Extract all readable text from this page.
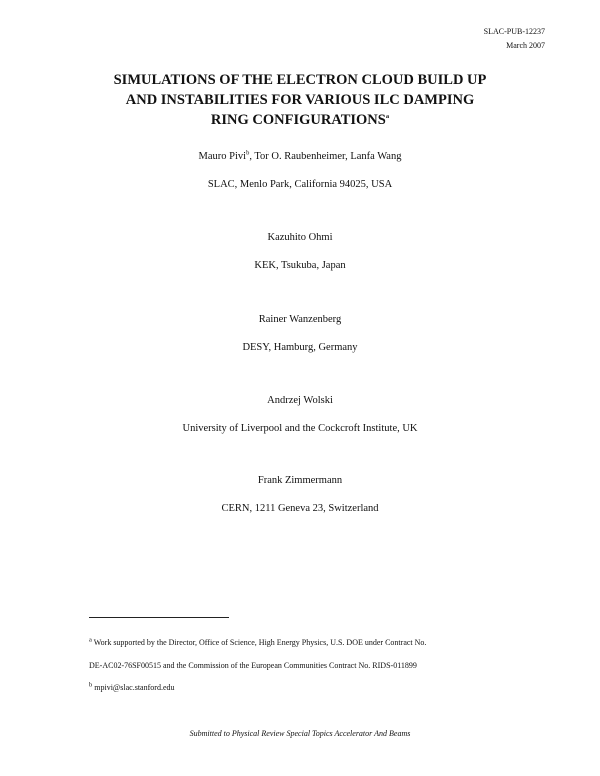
SLAC-PUB-12237
March 2007
SIMULATIONS OF THE ELECTRON CLOUD BUILD UP
AND INSTABILITIES FOR VARIOUS ILC DAMPING
RING CONFIGURATIONS$^a$
Mauro Pivi$^b$, Tor O. Raubenheimer, Lanfa Wang
SLAC, Menlo Park, California 94025, USA
Kazuhito Ohmi
KEK, Tsukuba, Japan
Rainer Wanzenberg
DESY, Hamburg, Germany
Andrzej Wolski
University of Liverpool and the Cockcroft Institute, UK
Frank Zimmermann
CERN, 1211 Geneva 23, Switzerland
$^a$ Work supported by the Director, Office of Science, High Energy Physics, U.S. DOE under Contract No.
DE-AC02-76SF00515 and the Commission of the European Communities Contract No. RIDS-011899
$^b$ mpivi@slac.stanford.edu
Submitted to Physical Review Special Topics Accelerator And Beams
